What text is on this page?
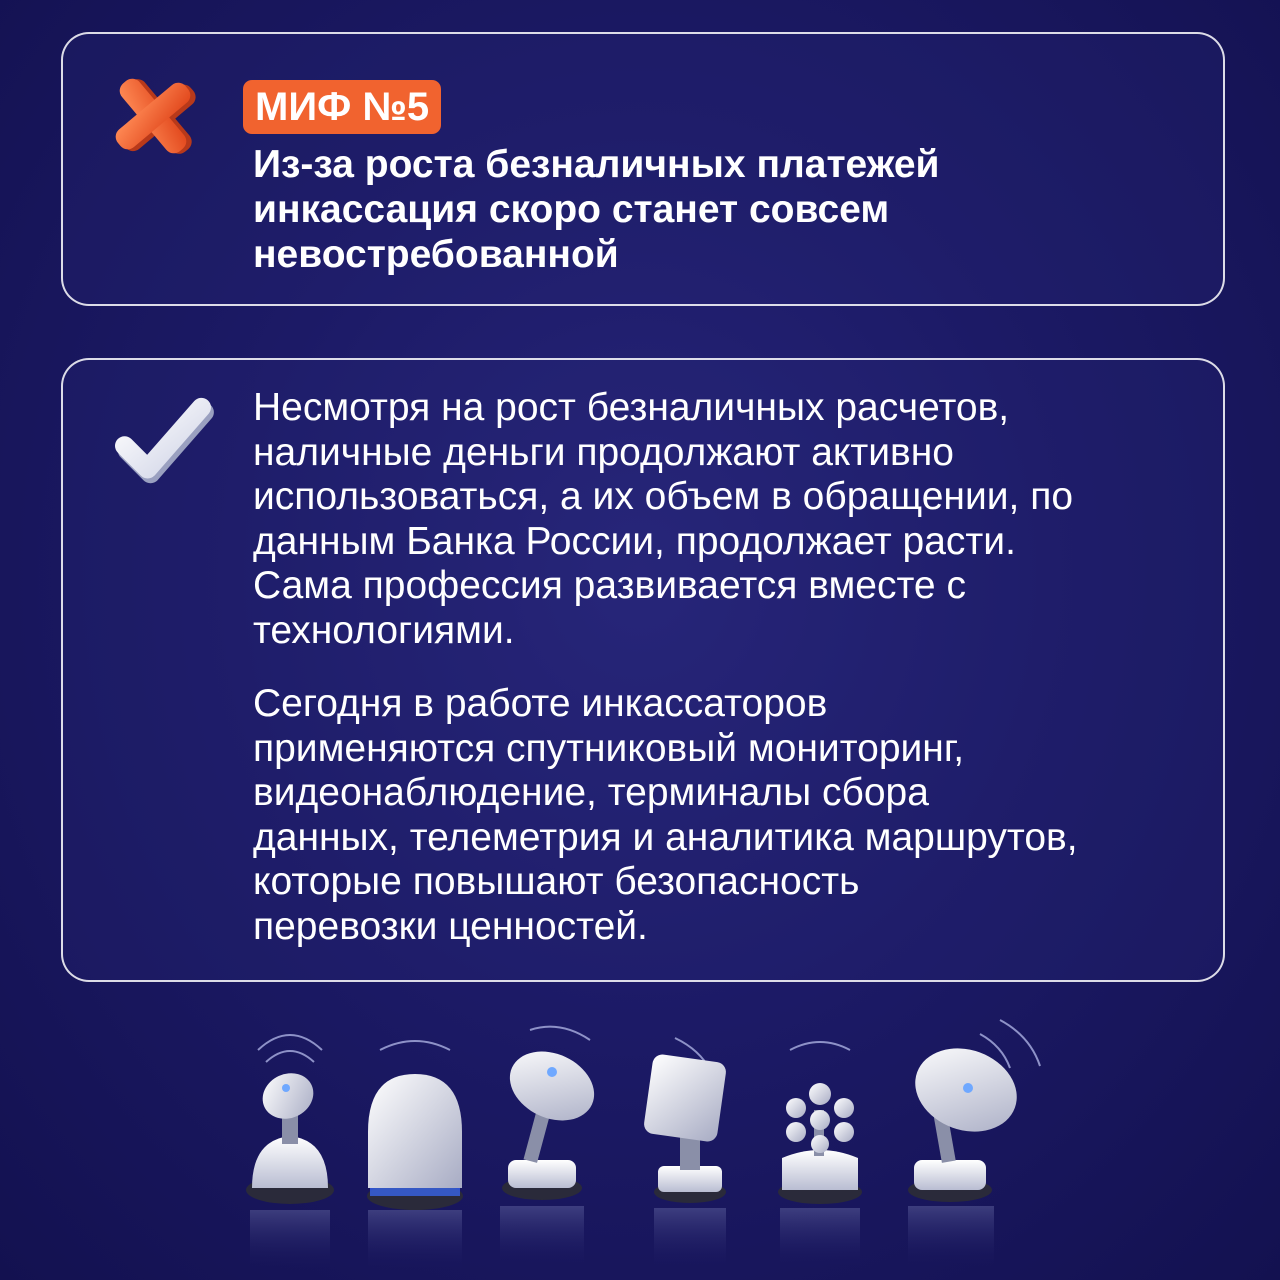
МИФ №5
Из-за роста безналичных платежей
инкассация скоро станет совсем
невостребованной
Несмотря на рост безналичных расчетов,
наличные деньги продолжают активно
использоваться, а их объем в обращении, по
данным Банка России, продолжает расти.
Сама профессия развивается вместе с
технологиями.
Сегодня в работе инкассаторов
применяются спутниковый мониторинг,
видеонаблюдение, терминалы сбора
данных, телеметрия и аналитика маршрутов,
которые повышают безопасность
перевозки ценностей.
